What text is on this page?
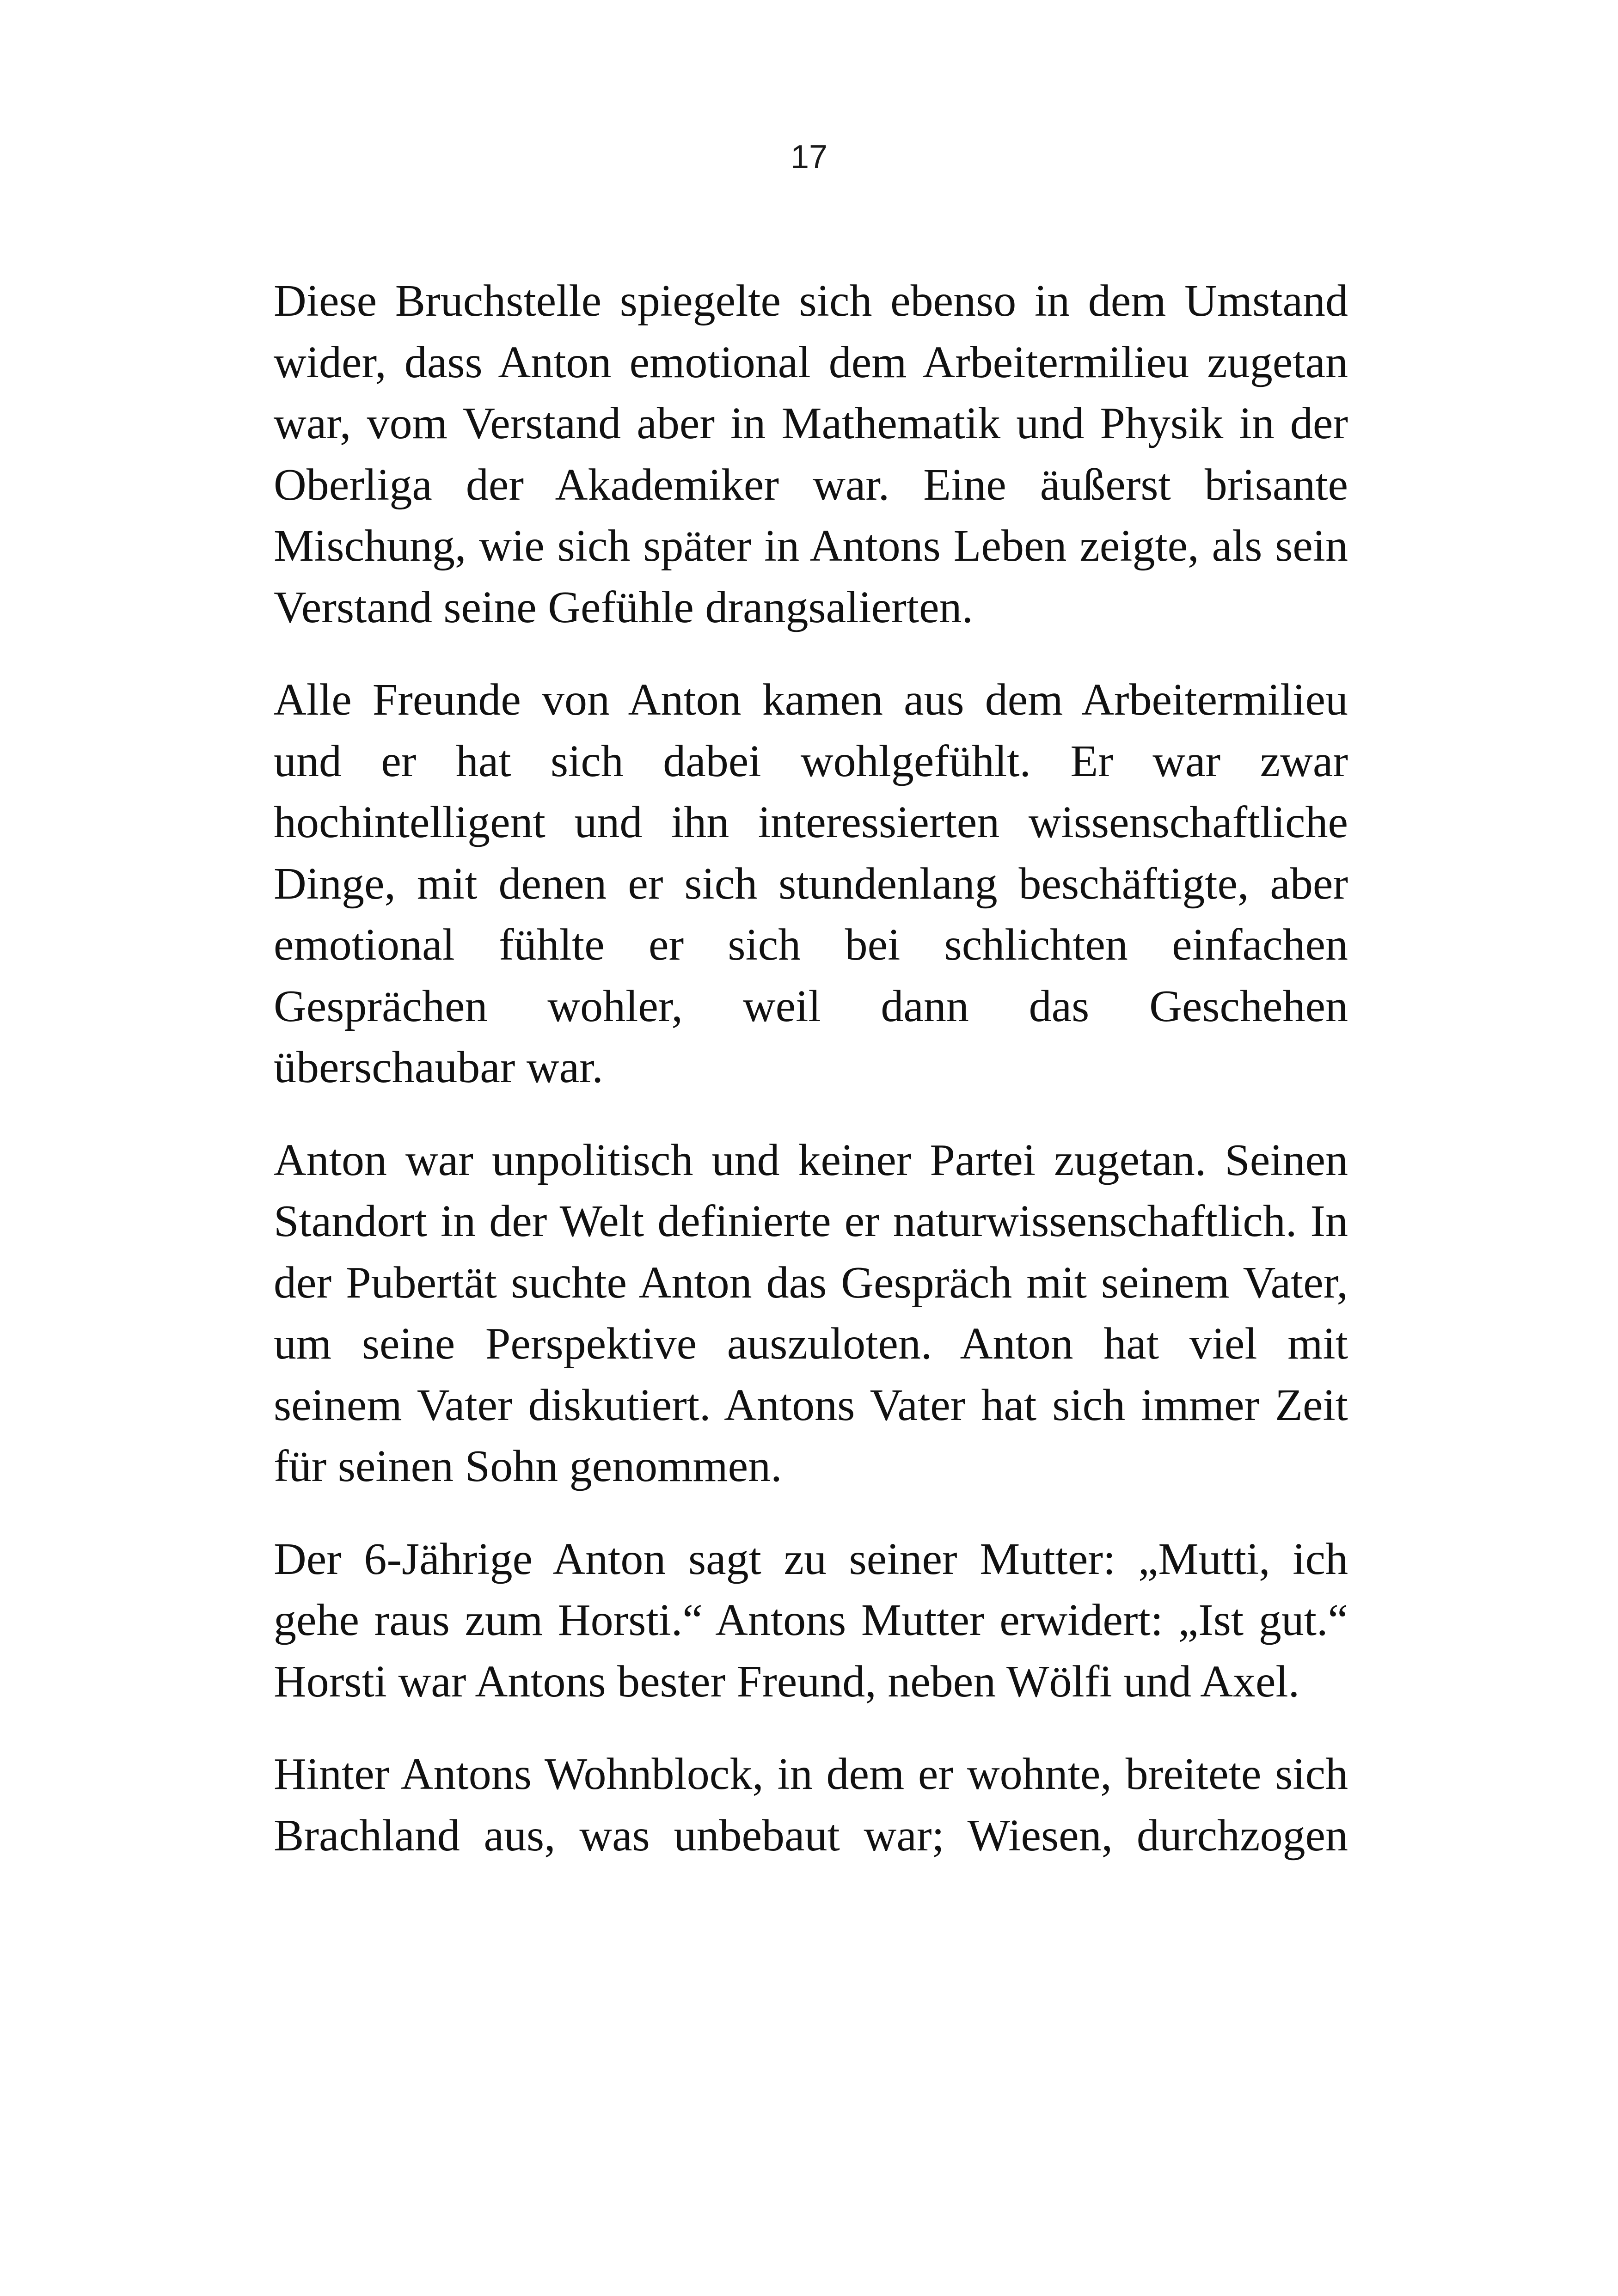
17

Diese Bruchstelle spiegelte sich ebenso in dem Umstand
wider, dass Anton emotional dem Arbeitermilieu zugetan
war, vom Verstand aber in Mathematik und Physik in der
Oberliga der Akademiker war. Eine äußerst brisante
Mischung, wie sich später in Antons Leben zeigte, als sein
Verstand seine Gefühle drangsalierten.

Alle Freunde von Anton kamen aus dem Arbeitermilieu
und er hat sich dabei wohlgefühlt. Er war zwar
hochintelligent und ihn interessierten wissenschaftliche
Dinge, mit denen er sich stundenlang beschäftigte, aber
emotional fühlte er sich bei schlichten einfachen
Gesprächen wohler, weil dann das Geschehen
überschaubar war.

Anton war unpolitisch und keiner Partei zugetan. Seinen
Standort in der Welt definierte er naturwissenschaftlich. In
der Pubertät suchte Anton das Gespräch mit seinem Vater,
um seine Perspektive auszuloten. Anton hat viel mit
seinem Vater diskutiert. Antons Vater hat sich immer Zeit
für seinen Sohn genommen.

Der 6-Jährige Anton sagt zu seiner Mutter: „Mutti, ich
gehe raus zum Horsti.“ Antons Mutter erwidert: „Ist gut.“
Horsti war Antons bester Freund, neben Wölfi und Axel.

Hinter Antons Wohnblock, in dem er wohnte, breitete sich
Brachland aus, was unbebaut war; Wiesen, durchzogen
